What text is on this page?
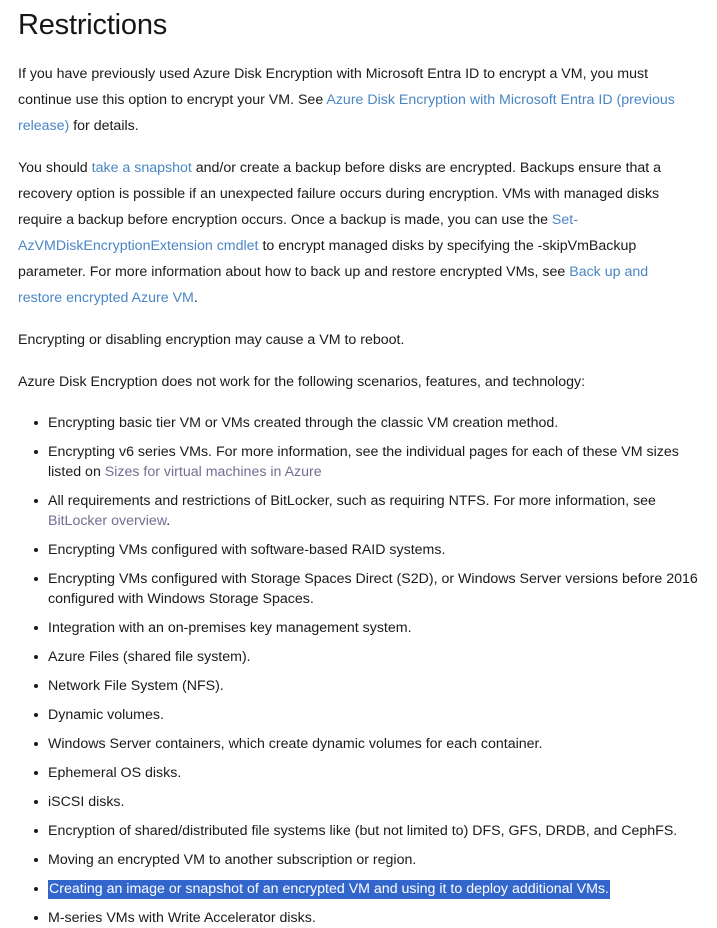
Restrictions

If you have previously used Azure Disk Encryption with Microsoft Entra ID to encrypt a VM, you must continue use this option to encrypt your VM. See Azure Disk Encryption with Microsoft Entra ID (previous release) for details.

You should take a snapshot and/or create a backup before disks are encrypted. Backups ensure that a recovery option is possible if an unexpected failure occurs during encryption. VMs with managed disks require a backup before encryption occurs. Once a backup is made, you can use the Set-AzVMDiskEncryptionExtension cmdlet to encrypt managed disks by specifying the -skipVmBackup parameter. For more information about how to back up and restore encrypted VMs, see Back up and restore encrypted Azure VM.

Encrypting or disabling encryption may cause a VM to reboot.

Azure Disk Encryption does not work for the following scenarios, features, and technology:

Encrypting basic tier VM or VMs created through the classic VM creation method.
Encrypting v6 series VMs. For more information, see the individual pages for each of these VM sizes listed on Sizes for virtual machines in Azure
All requirements and restrictions of BitLocker, such as requiring NTFS. For more information, see BitLocker overview.
Encrypting VMs configured with software-based RAID systems.
Encrypting VMs configured with Storage Spaces Direct (S2D), or Windows Server versions before 2016 configured with Windows Storage Spaces.
Integration with an on-premises key management system.
Azure Files (shared file system).
Network File System (NFS).
Dynamic volumes.
Windows Server containers, which create dynamic volumes for each container.
Ephemeral OS disks.
iSCSI disks.
Encryption of shared/distributed file systems like (but not limited to) DFS, GFS, DRDB, and CephFS.
Moving an encrypted VM to another subscription or region.
Creating an image or snapshot of an encrypted VM and using it to deploy additional VMs.
M-series VMs with Write Accelerator disks.
